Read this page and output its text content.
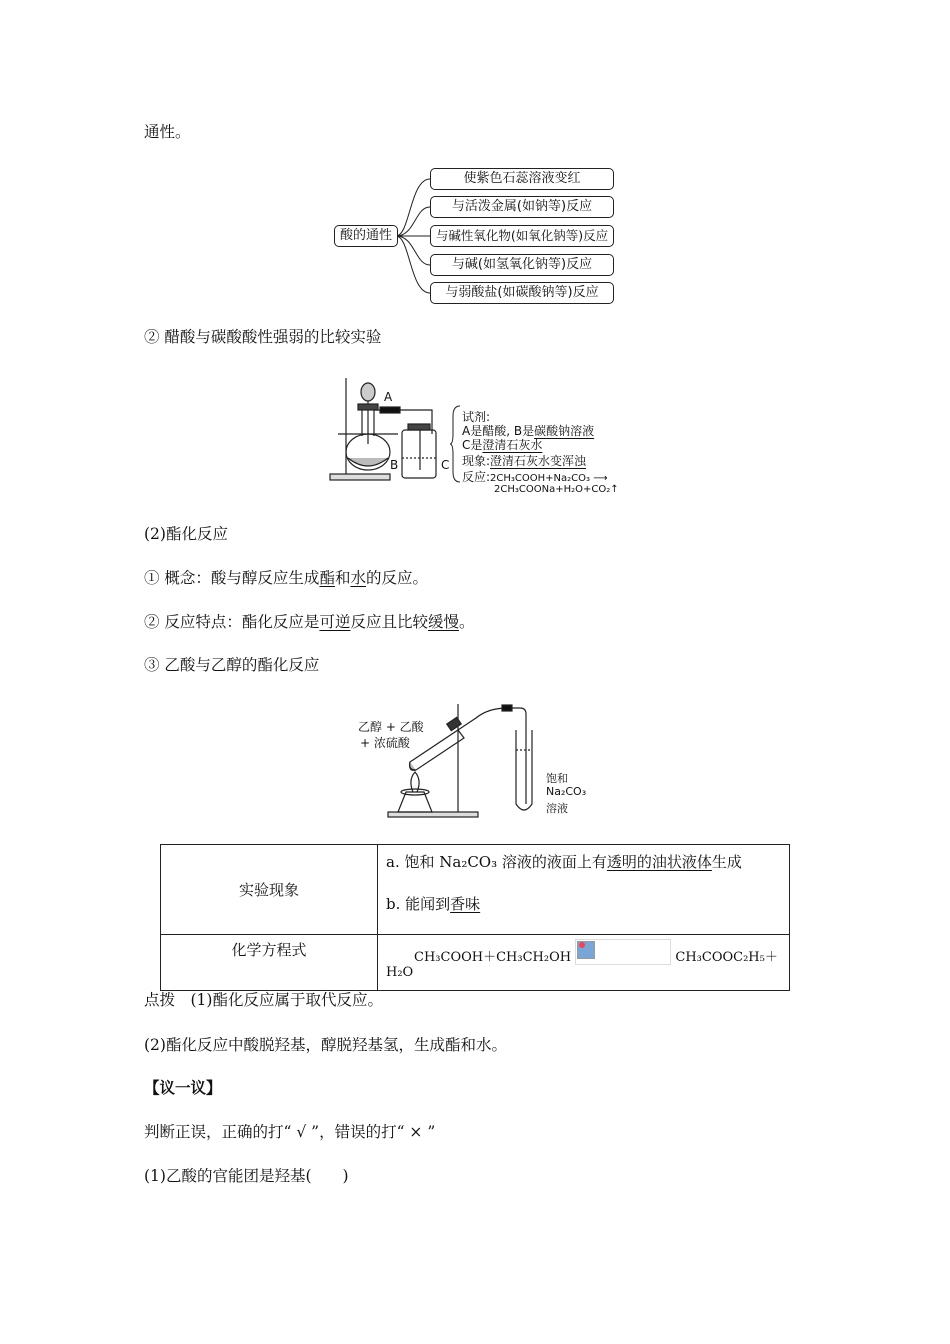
通性。
酸的通性
使紫色石蕊溶液变红
与活泼金属(如钠等)反应
与碱性氧化物(如氧化钠等)反应
与碱(如氢氧化钠等)反应
与弱酸盐(如碳酸钠等)反应
② 醋酸与碳酸酸性强弱的比较实验
A
B	C
试剂:
A是醋酸, B是碳酸钠溶液
C是澄清石灰水
现象:澄清石灰水变浑浊
反应:2CH₃COOH+Na₂CO₃ ⟶
2CH₃COONa+H₂O+CO₂↑
(2)酯化反应
① 概念：酸与醇反应生成酯和水的反应。
② 反应特点：酯化反应是可逆反应且比较缓慢。
③ 乙酸与乙醇的酯化反应
乙醇 + 乙酸
+ 浓硫酸
饱和
Na₂CO₃
溶液
实验现象	a. 饱和 Na₂CO₃ 溶液的液面上有透明的油状液体生成
b. 能闻到香味

化学方程式	CH₃COOH＋CH₃CH₂OH CH₃COOC₂H₅＋H₂O
点拨　(1)酯化反应属于取代反应。
(2)酯化反应中酸脱羟基，醇脱羟基氢，生成酯和水。
【议一议】
判断正误，正确的打“ √ ”，错误的打“ × ”
(1)乙酸的官能团是羟基(　　)
